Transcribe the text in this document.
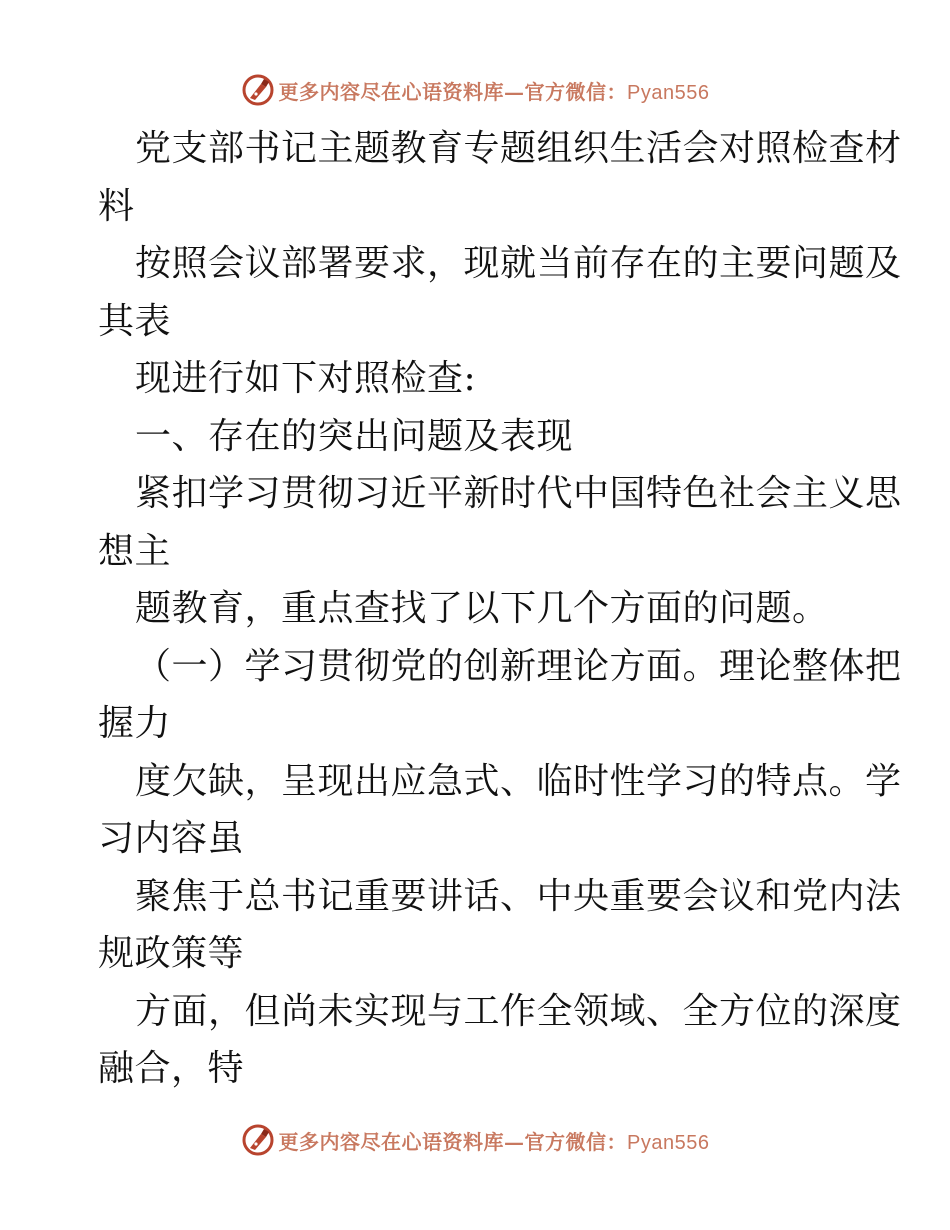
更多内容尽在心语资料库—官方微信：Pyan556
党支部书记主题教育专题组织生活会对照检查材
料
按照会议部署要求，现就当前存在的主要问题及
其表
现进行如下对照检查:
一、存在的突出问题及表现
紧扣学习贯彻习近平新时代中国特色社会主义思
想主
题教育，重点查找了以下几个方面的问题。
（一）学习贯彻党的创新理论方面。理论整体把
握力
度欠缺，呈现出应急式、临时性学习的特点。学
习内容虽
聚焦于总书记重要讲话、中央重要会议和党内法
规政策等
方面，但尚未实现与工作全领域、全方位的深度
融合，特
更多内容尽在心语资料库—官方微信：Pyan556
